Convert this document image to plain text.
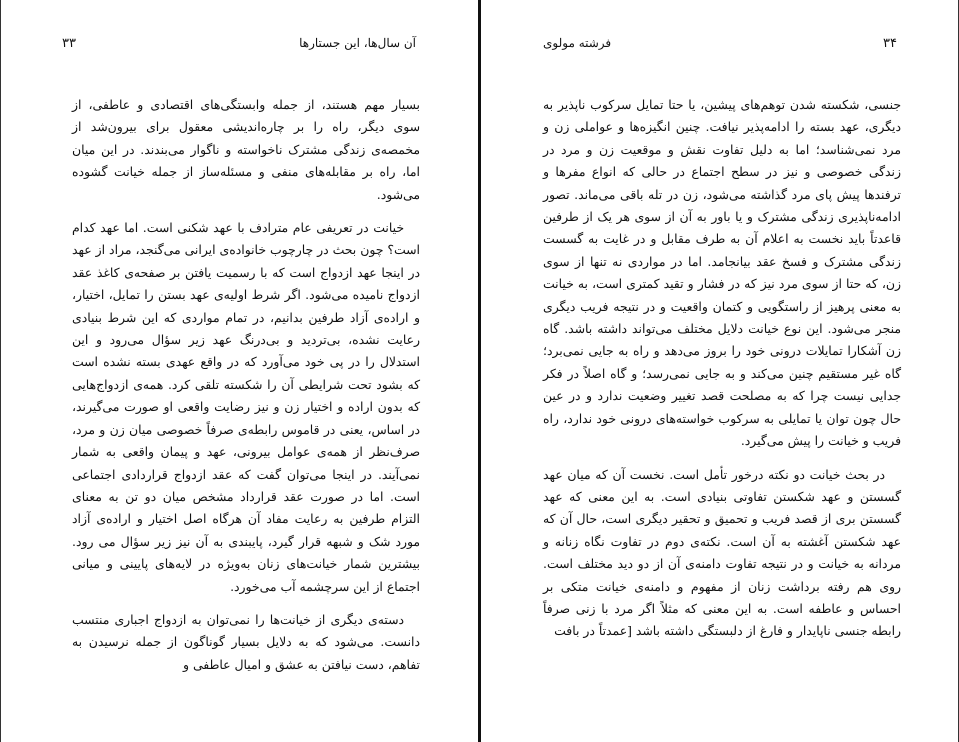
۳۳	آن سال‌ها، این جستارها

بسیار مهم هستند، از جمله وابستگی‌های اقتصادی و عاطفی، از سوی دیگر، راه را بر چاره‌اندیشی معقول برای بیرون‌شد از مخمصه‌ی زندگی مشترک ناخواسته و ناگوار می‌بندند. در این میان اما، راه بر مقابله‌های منفی و مسئله‌ساز از جمله خیانت گشوده می‌شود.

خیانت در تعریفی عام مترادف با عهد شکنی است. اما عهد کدام است؟ چون بحث در چارچوب خانواده‌ی ایرانی می‌گنجد، مراد از عهد در اینجا عهد ازدواج است که با رسمیت یافتن بر صفحه‌ی کاغذ عقد ازدواج نامیده می‌شود. اگر شرط اولیه‌ی عهد بستن را تمایل، اختیار، و اراده‌ی آزاد طرفین بدانیم، در تمام مواردی که این شرط بنیادی رعایت نشده، بی‌تردید و بی‌درنگ عهد زیر سؤال می‌رود و این استدلال را در پی خود می‌آورد که در واقع عهدی بسته نشده است که بشود تحت شرایطی آن را شکسته تلقی کرد. همه‌ی ازدواج‌هایی که بدون اراده و اختیار زن و نیز رضایت واقعی او صورت می‌گیرند، در اساس، یعنی در قاموس رابطه‌ی صرفاً خصوصی میان زن و مرد، صرف‌نظر از همه‌ی عوامل بیرونی، عهد و پیمان واقعی به شمار نمی‌آیند. در اینجا می‌توان گفت که عقد ازدواج قراردادی اجتماعی است. اما در صورت عقد قرارداد مشخص میان دو تن به معنای التزام طرفین به رعایت مفاد آن هرگاه اصل اختیار و اراده‌ی آزاد مورد شک و شبهه قرار گیرد، پایبندی به آن نیز زیر سؤال می رود. بیشترین شمار خیانت‌های زنان به‌ویژه در لایه‌های پایینی و میانی اجتماع از این سرچشمه آب می‌خورد.

دسته‌ی دیگری از خیانت‌ها را نمی‌توان به ازدواج اجباری منتسب دانست. می‌شود که به دلایل بسیار گوناگون از جمله نرسیدن به تفاهم، دست نیافتن به عشق و امیال عاطفی و

فرشته مولوی	۳۴

جنسی، شکسته شدن توهم‌های پیشین، یا حتا تمایل سرکوب ناپذیر به دیگری، عهد بسته را ادامه‌پذیر نیافت. چنین انگیزه‌ها و عواملی زن و مرد نمی‌شناسد؛ اما به دلیل تفاوت نقش و موقعیت زن و مرد در زندگی خصوصی و نیز در سطح اجتماع در حالی که انواع مفرها و ترفندها پیش پای مرد گذاشته می‌شود، زن در تله باقی می‌ماند. تصور ادامه‌ناپذیری زندگی مشترک و یا باور به آن از سوی هر یک از طرفین قاعدتاً باید نخست به اعلام آن به طرف مقابل و در غایت به گسست زندگی مشترک و فسخ عقد بیانجامد. اما در مواردی نه تنها از سوی زن، که حتا از سوی مرد نیز که در فشار و تقید کمتری است، به خیانت به معنی پرهیز از راستگویی و کتمان واقعیت و در نتیجه فریب دیگری منجر می‌شود. این نوع خیانت دلایل مختلف می‌تواند داشته باشد. گاه زن آشکارا تمایلات درونی خود را بروز می‌دهد و راه به جایی نمی‌برد؛ گاه غیر مستقیم چنین می‌کند و به جایی نمی‌رسد؛ و گاه اصلاً در فکر جدایی نیست چرا که به مصلحت قصد تغییر وضعیت ندارد و در عین حال چون توان یا تمایلی به سرکوب خواسته‌های درونی خود ندارد، راه فریب و خیانت را پیش می‌گیرد.

در بحث خیانت دو نکته درخور تأمل است. نخست آن که میان عهد گسستن و عهد شکستن تفاوتی بنیادی است. به این معنی که عهد گسستن بری از قصد فریب و تحمیق و تحقیر دیگری است، حال آن که عهد شکستن آغشته به آن است. نکته‌ی دوم در تفاوت نگاه زنانه و مردانه به خیانت و در نتیجه تفاوت دامنه‌ی آن از دو دید مختلف است. روی هم رفته برداشت زنان از مفهوم و دامنه‌ی خیانت متکی بر احساس و عاطفه است. به این معنی که مثلاً اگر مرد با زنی صرفاً رابطه جنسی ناپایدار و فارغ از دلبستگی داشته باشد [عمدتاً در بافت
